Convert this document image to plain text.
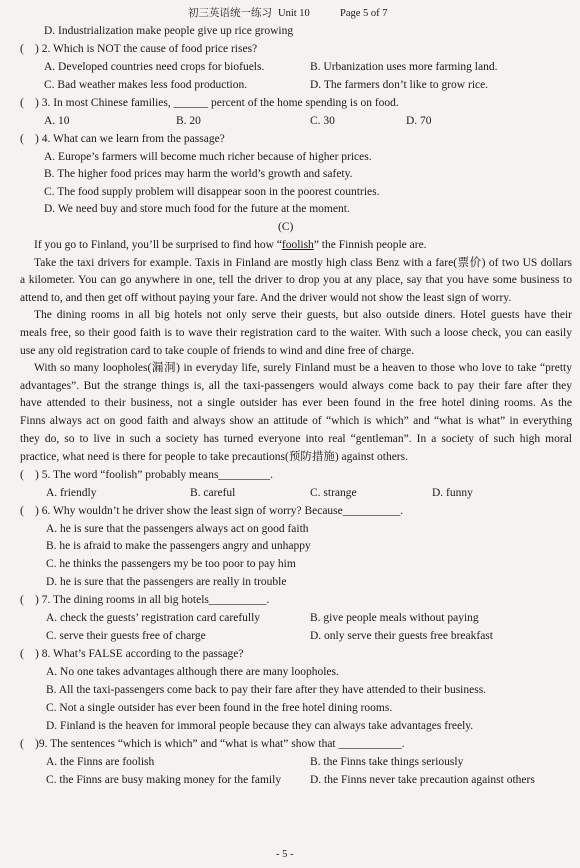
初三英语统一练习 Unit 10	Page 5 of 7
D. Industrialization make people give up rice growing
( ) 2. Which is NOT the cause of food price rises?
A. Developed countries need crops for biofuels.	B. Urbanization uses more farming land.
C. Bad weather makes less food production.	D. The farmers don’t like to grow rice.
( ) 3. In most Chinese families, ______ percent of the home spending is on food.
A. 10	B. 20	C. 30	D. 70
( ) 4. What can we learn from the passage?
A. Europe’s farmers will become much richer because of higher prices.
B. The higher food prices may harm the world’s growth and safety.
C. The food supply problem will disappear soon in the poorest countries.
D. We need buy and store much food for the future at the moment.
(C)
If you go to Finland, you’ll be surprised to find how “foolish” the Finnish people are.
Take the taxi drivers for example. Taxis in Finland are mostly high class Benz with a fare(票价) of two US dollars
a kilometer. You can go anywhere in one, tell the driver to drop you at any place, say that you have some business to
attend to, and then get off without paying your fare. And the driver would not show the least sign of worry.
The dining rooms in all big hotels not only serve their guests, but also outside diners. Hotel guests have their
meals free, so their good faith is to wave their registration card to the waiter. With such a loose check, you can easily
use any old registration card to take couple of friends to wind and dine free of charge.
With so many loopholes(漏洞) in everyday life, surely Finland must be a heaven to those who love to take “pretty
advantages”. But the strange things is, all the taxi-passengers would always come back to pay their fare after they
have attended to their business, not a single outsider has ever been found in the free hotel dining rooms. As the
Finns always act on good faith and always show an attitude of “which is which” and “what is what” in everything
they do, so to live in such a society has turned everyone into real “gentleman”. In a society of such high moral
practice, what need is there for people to take precautions(预防措施) against others.
( ) 5. The word “foolish” probably means_________.
A. friendly	B. careful	C. strange	D. funny
( ) 6. Why wouldn’t he driver show the least sign of worry? Because__________.
A. he is sure that the passengers always act on good faith
B. he is afraid to make the passengers angry and unhappy
C. he thinks the passengers my be too poor to pay him
D. he is sure that the passengers are really in trouble
( ) 7. The dining rooms in all big hotels__________.
A. check the guests’ registration card carefully	B. give people meals without paying
C. serve their guests free of charge	D. only serve their guests free breakfast
( ) 8. What’s FALSE according to the passage?
A. No one takes advantages although there are many loopholes.
B. All the taxi-passengers come back to pay their fare after they have attended to their business.
C. Not a single outsider has ever been found in the free hotel dining rooms.
D. Finland is the heaven for immoral people because they can always take advantages freely.
( )9. The sentences “which is which” and “what is what” show that ___________.
A. the Finns are foolish	B. the Finns take things seriously
C. the Finns are busy making money for the family	D. the Finns never take precaution against others
- 5 -
